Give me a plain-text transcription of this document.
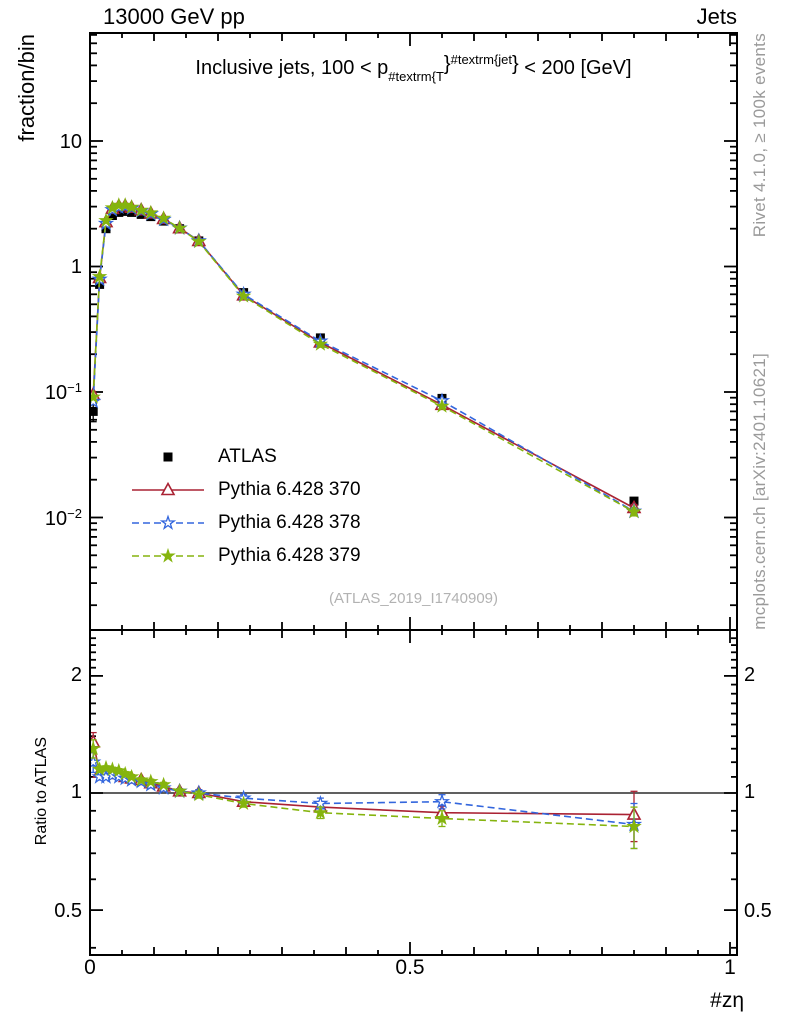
13000 GeV pp	Jets
Inclusive jets, $100 < p_{\#textrm\{T}\}^{\#textrm\{jet}\} < 200$ [GeV]
fraction/bin
Ratio to ATLAS
Rivet 4.1.0, ≥ 100k events
mcplots.cern.ch [arXiv:2401.10621]
10
1
$10^{-1}$
$10^{-2}$
2
1
0.5
2
1
0.5
0	0.5	1
#zη
(ATLAS_2019_I1740909)
ATLAS
Pythia 6.428 370
Pythia 6.428 378
Pythia 6.428 379
